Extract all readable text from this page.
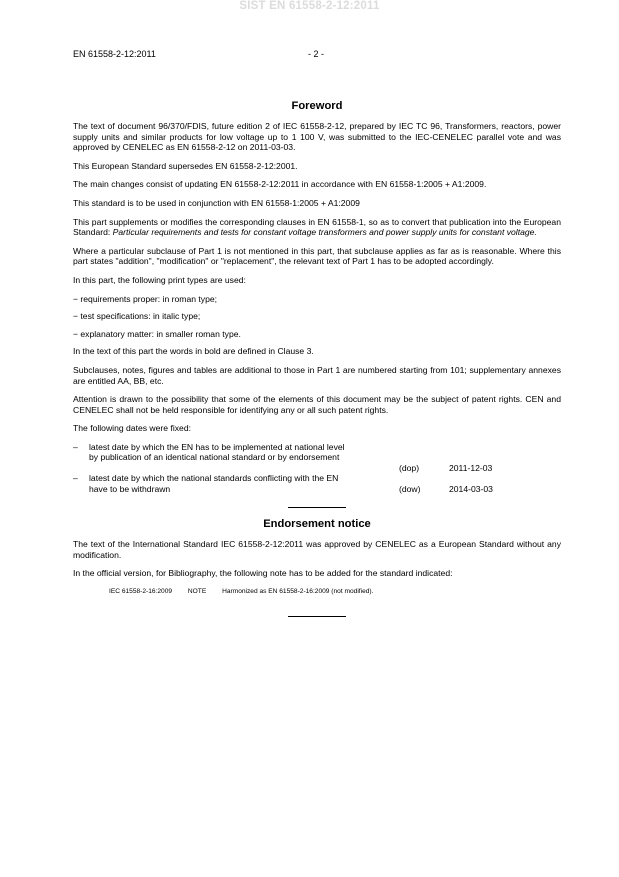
SIST EN 61558-2-12:2011
EN 61558-2-12:2011	- 2 -
Foreword

The text of document 96/370/FDIS, future edition 2 of IEC 61558-2-12, prepared by IEC TC 96, Transformers, reactors, power supply units and similar products for low voltage up to 1 100 V, was submitted to the IEC-CENELEC parallel vote and was approved by CENELEC as EN 61558-2-12 on 2011-03-03.

This European Standard supersedes EN 61558-2-12:2001.

The main changes consist of updating EN 61558-2-12:2011 in accordance with EN 61558-1:2005 + A1:2009.

This standard is to be used in conjunction with EN 61558-1:2005 + A1:2009

This part supplements or modifies the corresponding clauses in EN 61558-1, so as to convert that publication into the European Standard: Particular requirements and tests for constant voltage transformers and power supply units for constant voltage.

Where a particular subclause of Part 1 is not mentioned in this part, that subclause applies as far as is reasonable. Where this part states "addition", "modification" or "replacement", the relevant text of Part 1 has to be adopted accordingly.

In this part, the following print types are used:

− requirements proper: in roman type;

− test specifications: in italic type;

− explanatory matter: in smaller roman type.

In the text of this part the words in bold are defined in Clause 3.

Subclauses, notes, figures and tables are additional to those in Part 1 are numbered starting from 101; supplementary annexes are entitled AA, BB, etc.

Attention is drawn to the possibility that some of the elements of this document may be the subject of patent rights. CEN and CENELEC shall not be held responsible for identifying any or all such patent rights.

The following dates were fixed:

– latest date by which the EN has to be implemented at national level by publication of an identical national standard or by endorsement
(dop)	2011-12-03
– latest date by which the national standards conflicting with the EN have to be withdrawn	(dow)	2014-03-03
Endorsement notice

The text of the International Standard IEC 61558-2-12:2011 was approved by CENELEC as a European Standard without any modification.

In the official version, for Bibliography, the following note has to be added for the standard indicated:

IEC 61558-2-16:2009 NOTE Harmonized as EN 61558-2-16:2009 (not modified).
